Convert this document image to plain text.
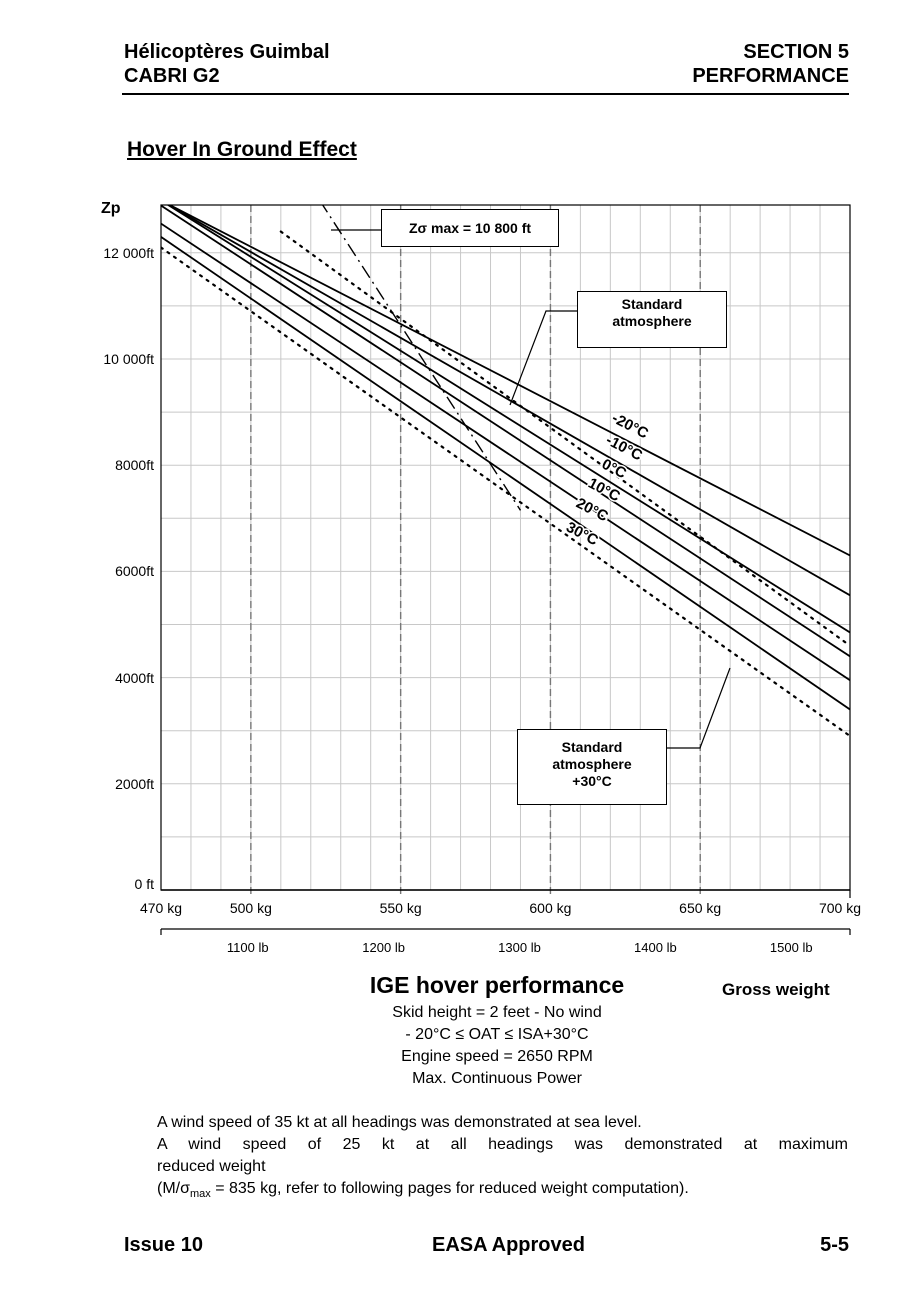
Hélicoptères Guimbal
CABRI G2
SECTION 5
PERFORMANCE
Hover In Ground Effect
-20°C
-10°C
0°C
10°C
20°C
30°C
Zp
12 000ft
10 000ft
8000ft
6000ft
4000ft
2000ft
0 ft
470 kg	500 kg	550 kg	600 kg	650 kg	700 kg
1100 lb	1200 lb	1300 lb	1400 lb	1500 lb
Zσ max = 10 800 ft
Standard
atmosphere
Standard
atmosphere
+30°C
IGE hover performance	Gross weight
Skid height = 2 feet - No wind
- 20°C ≤ OAT ≤ ISA+30°C
Engine speed = 2650 RPM
Max. Continuous Power
A wind speed of 35 kt at all headings was demonstrated at sea level.
A wind speed of 25 kt at all headings was demonstrated at maximum
reduced weight
($M/\sigma_{max} = 835$ kg, refer to following pages for reduced weight computation).
Issue 10	EASA Approved	5-5
